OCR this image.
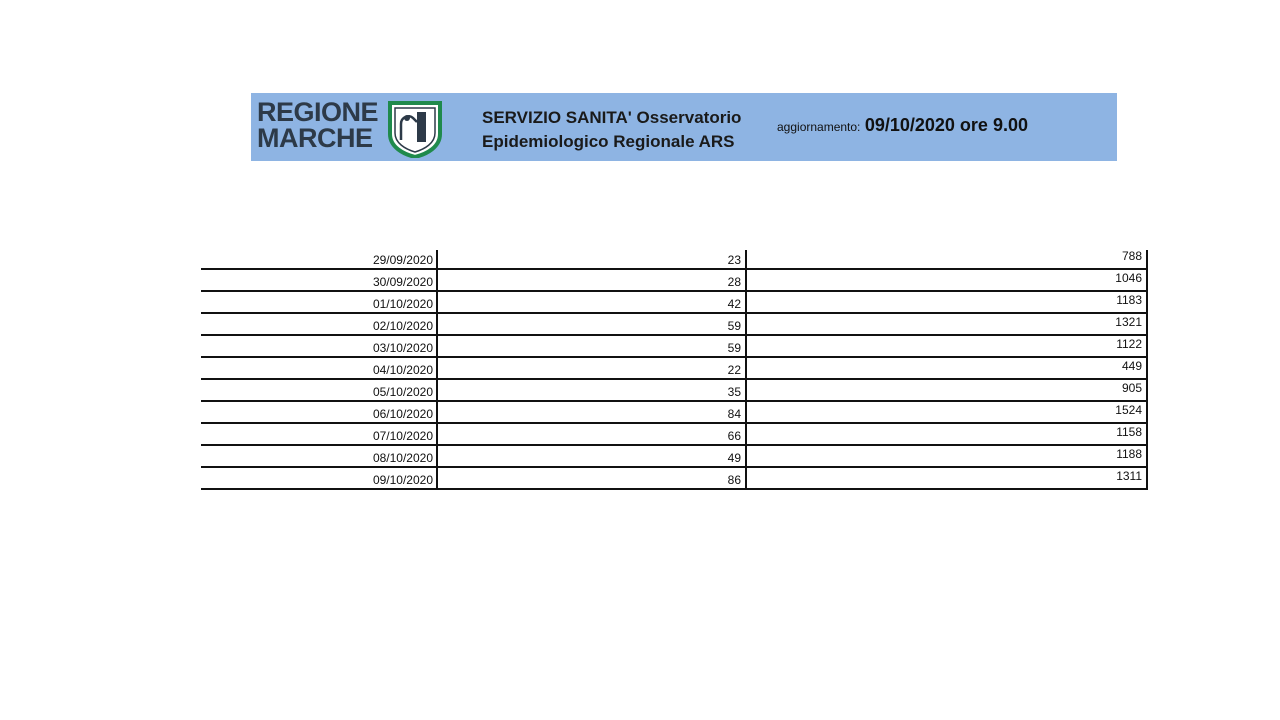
REGIONE
MARCHE
SERVIZIO SANITA' Osservatorio
Epidemiologico Regionale ARS
aggiornamento: 09/10/2020 ore 9.00
29/09/2020	23	788
30/09/2020	28	1046
01/10/2020	42	1183
02/10/2020	59	1321
03/10/2020	59	1122
04/10/2020	22	449
05/10/2020	35	905
06/10/2020	84	1524
07/10/2020	66	1158
08/10/2020	49	1188
09/10/2020	86	1311
